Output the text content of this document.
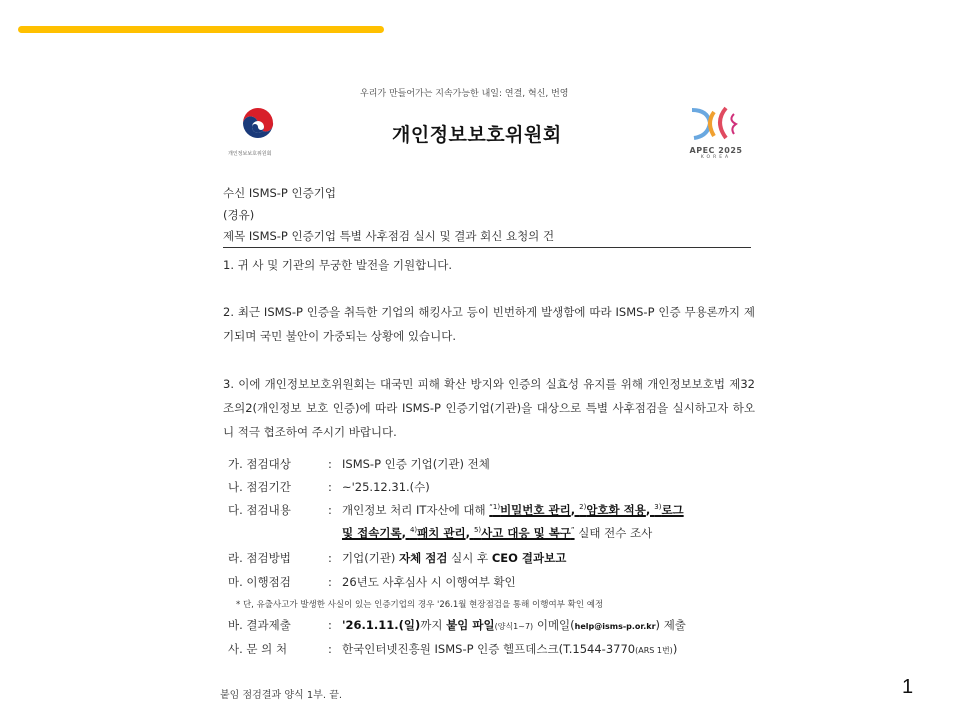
우리가 만들어가는 지속가능한 내일: 연결, 혁신, 번영
개인정보보호위원회
개인정보보호위원회
APEC 2025
KOREA
수신 ISMS-P 인증기업
(경유)
제목 ISMS-P 인증기업 특별 사후점검 실시 및 결과 회신 요청의 건
1. 귀 사 및 기관의 무궁한 발전을 기원합니다.
2. 최근 ISMS-P 인증을 취득한 기업의 해킹사고 등이 빈번하게 발생함에 따라 ISMS-P 인증 무용론까지 제기되며 국민 불안이 가중되는 상황에 있습니다.
3. 이에 개인정보보호위원회는 대국민 피해 확산 방지와 인증의 실효성 유지를 위해 개인정보보호법 제32조의2(개인정보 보호 인증)에 따라 ISMS-P 인증기업(기관)을 대상으로 특별 사후점검을 실시하고자 하오니 적극 협조하여 주시기 바랍니다.
가. 점검대상	: ISMS-P 인증 기업(기관) 전체
나. 점검기간	: ~'25.12.31.(수)
다. 점검내용	: 개인정보 처리 IT자산에 대해 $^{“1)}$비밀번호 관리, $^{2)}$암호화 적용, $^{3)}$로그
및 접속기록, $^{4)}$패치 관리, $^{5)}$사고 대응 및 복구” 실태 전수 조사
라. 점검방법	: 기업(기관) 자체 점검 실시 후 CEO 결과보고
마. 이행점검	: 26년도 사후심사 시 이행여부 확인
* 단, 유출사고가 발생한 사실이 있는 인증기업의 경우 '26.1월 현장점검을 통해 이행여부 확인 예정
바. 결과제출	: '26.1.11.(일)까지 붙임 파일(양식1~7) 이메일(help@isms-p.or.kr) 제출
사. 문 의 처	: 한국인터넷진흥원 ISMS-P 인증 헬프데스크(T.1544-3770(ARS 1번))
붙임 점검결과 양식 1부. 끝.	1
